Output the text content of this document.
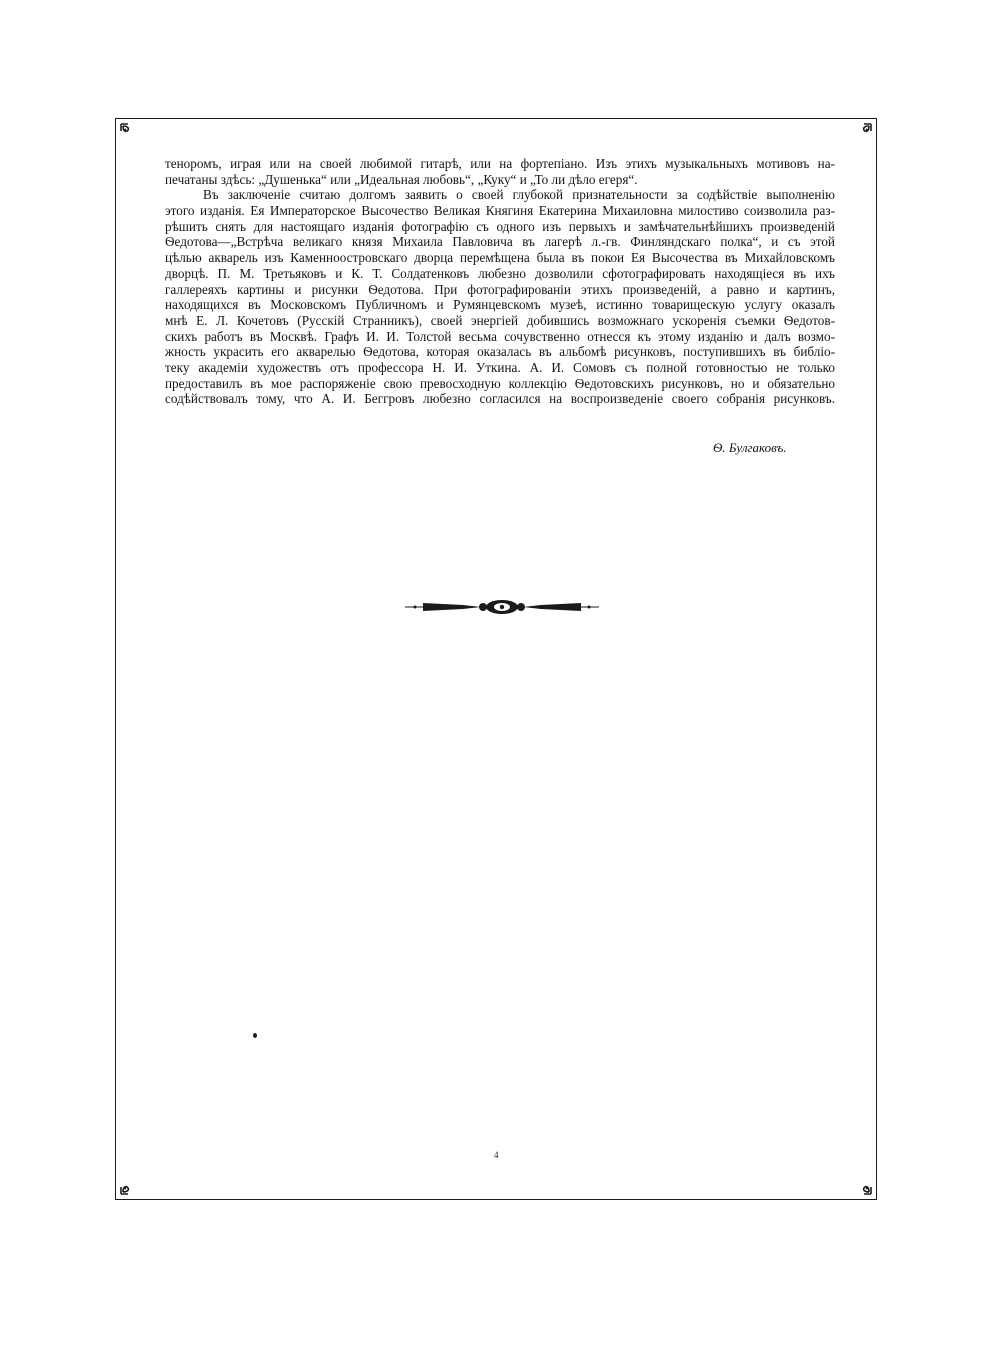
теноромъ, играя или на своей любимой гитарѣ, или на фортепіано. Изъ этихъ музыкальныхъ мотивовъ на-
печатаны здѣсь: „Душенька“ или „Идеальная любовь“, „Куку“ и „То ли дѣло егеря“.
Въ заключеніе считаю долгомъ заявить о своей глубокой признательности за содѣйствіе выполненію
этого изданія. Ея Императорское Высочество Великая Княгиня Екатерина Михаиловна милостиво соизволила раз-
рѣшить снять для настоящаго изданія фотографію съ одного изъ первыхъ и замѣчательнѣйшихъ произведеній
Ѳедотова—„Встрѣча великаго князя Михаила Павловича въ лагерѣ л.-гв. Финляндскаго полка“, и съ этой
цѣлью акварель изъ Каменноостровскаго дворца перемѣщена была въ покои Ея Высочества въ Михайловскомъ
дворцѣ. П. М. Третьяковъ и К. Т. Солдатенковъ любезно дозволили сфотографировать находящіеся въ ихъ
галлереяхъ картины и рисунки Ѳедотова. При фотографированіи этихъ произведеній, а равно и картинъ,
находящихся въ Московскомъ Публичномъ и Румянцевскомъ музеѣ, истинно товарищескую услугу оказалъ
мнѣ Е. Л. Кочетовъ (Русскій Странникъ), своей энергіей добившись возможнаго ускоренія съемки Ѳедотов-
скихъ работъ въ Москвѣ. Графъ И. И. Толстой весьма сочувственно отнесся къ этому изданію и далъ возмо-
жность украсить его акварелью Ѳедотова, которая оказалась въ альбомѣ рисунковъ, поступившихъ въ библіо-
теку академіи художествъ отъ профессора Н. И. Уткина. А. И. Сомовъ съ полной готовностью не только
предоставилъ въ мое распоряженіе свою превосходную коллекцію Ѳедотовскихъ рисунковъ, но и обязательно
содѣйствовалъ тому, что А. И. Беггровъ любезно согласился на воспроизведеніе своего собранія рисунковъ.
Ѳ. Булгаковъ.
4
